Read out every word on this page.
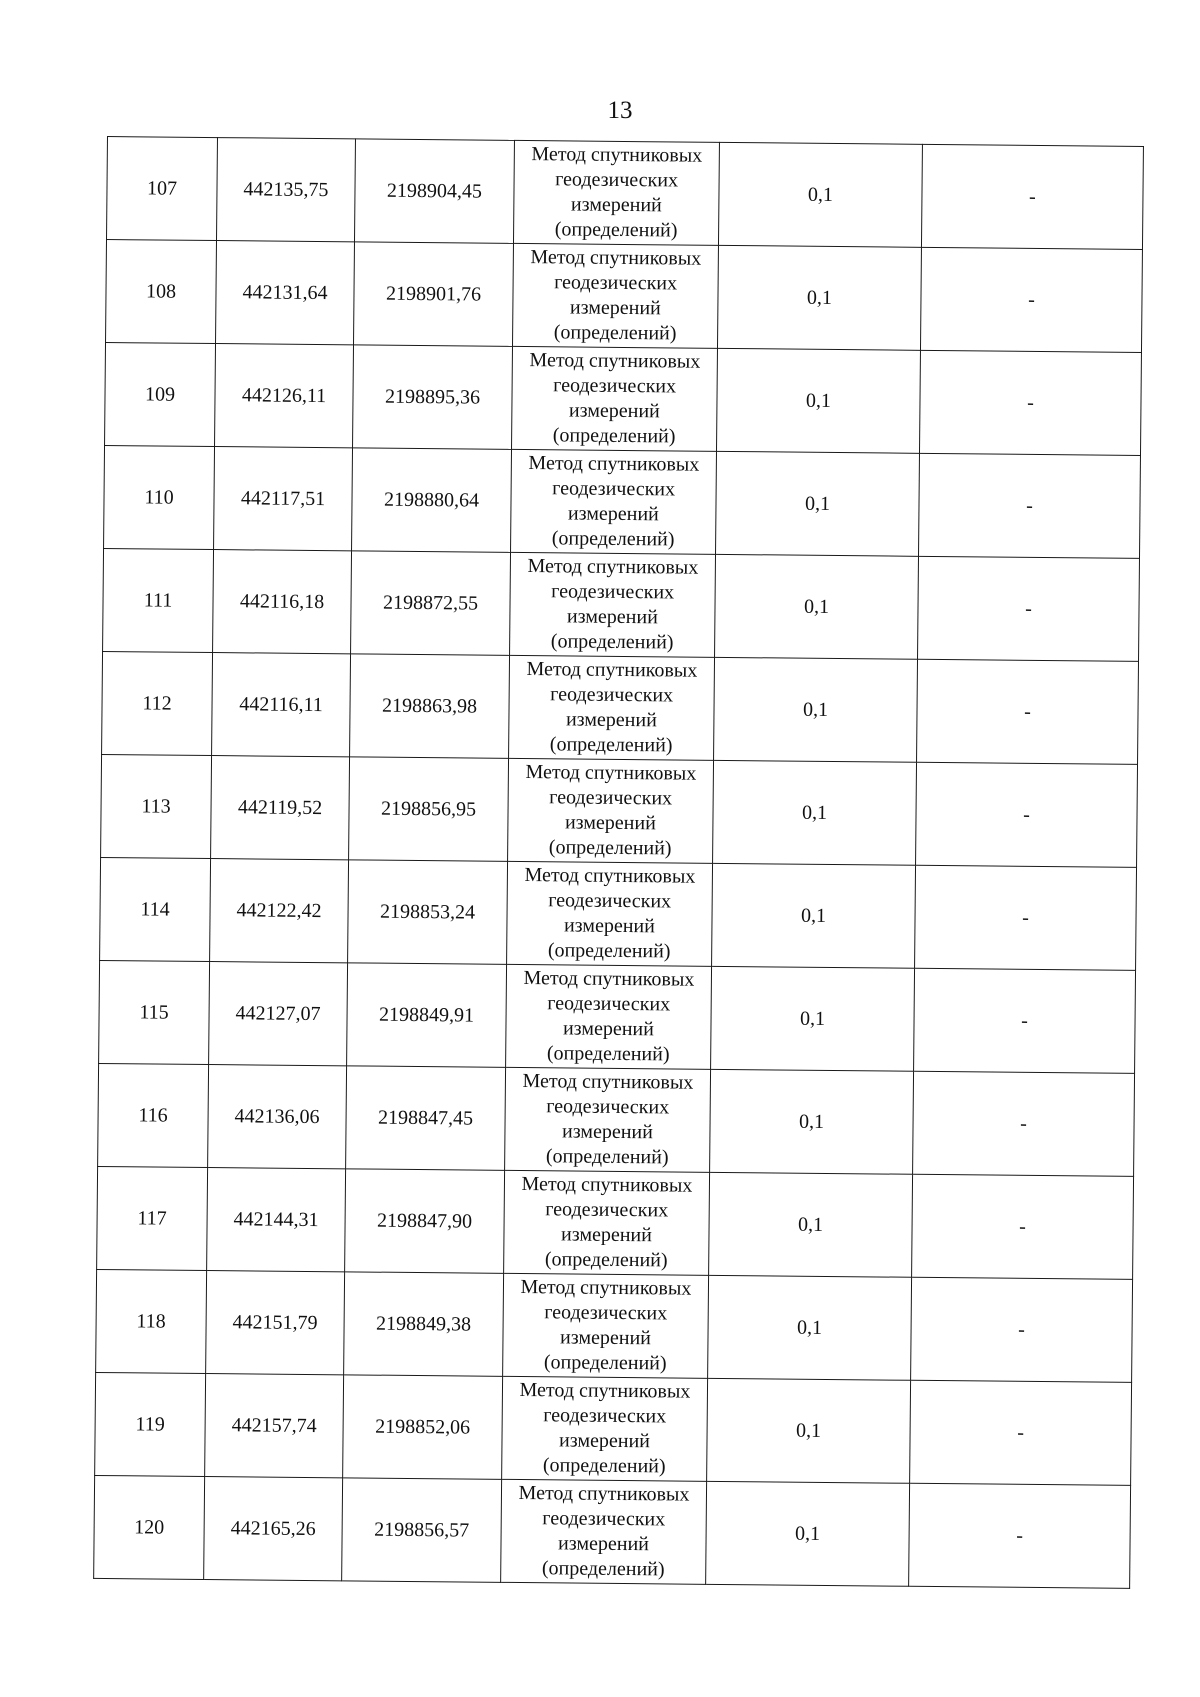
13
107	442135,75	2198904,45	Метод спутниковых
геодезических
измерений
(определений)	0,1	-
108	442131,64	2198901,76	Метод спутниковых
геодезических
измерений
(определений)	0,1	-
109	442126,11	2198895,36	Метод спутниковых
геодезических
измерений
(определений)	0,1	-
110	442117,51	2198880,64	Метод спутниковых
геодезических
измерений
(определений)	0,1	-
111	442116,18	2198872,55	Метод спутниковых
геодезических
измерений
(определений)	0,1	-
112	442116,11	2198863,98	Метод спутниковых
геодезических
измерений
(определений)	0,1	-
113	442119,52	2198856,95	Метод спутниковых
геодезических
измерений
(определений)	0,1	-
114	442122,42	2198853,24	Метод спутниковых
геодезических
измерений
(определений)	0,1	-
115	442127,07	2198849,91	Метод спутниковых
геодезических
измерений
(определений)	0,1	-
116	442136,06	2198847,45	Метод спутниковых
геодезических
измерений
(определений)	0,1	-
117	442144,31	2198847,90	Метод спутниковых
геодезических
измерений
(определений)	0,1	-
118	442151,79	2198849,38	Метод спутниковых
геодезических
измерений
(определений)	0,1	-
119	442157,74	2198852,06	Метод спутниковых
геодезических
измерений
(определений)	0,1	-
120	442165,26	2198856,57	Метод спутниковых
геодезических
измерений
(определений)	0,1	-
